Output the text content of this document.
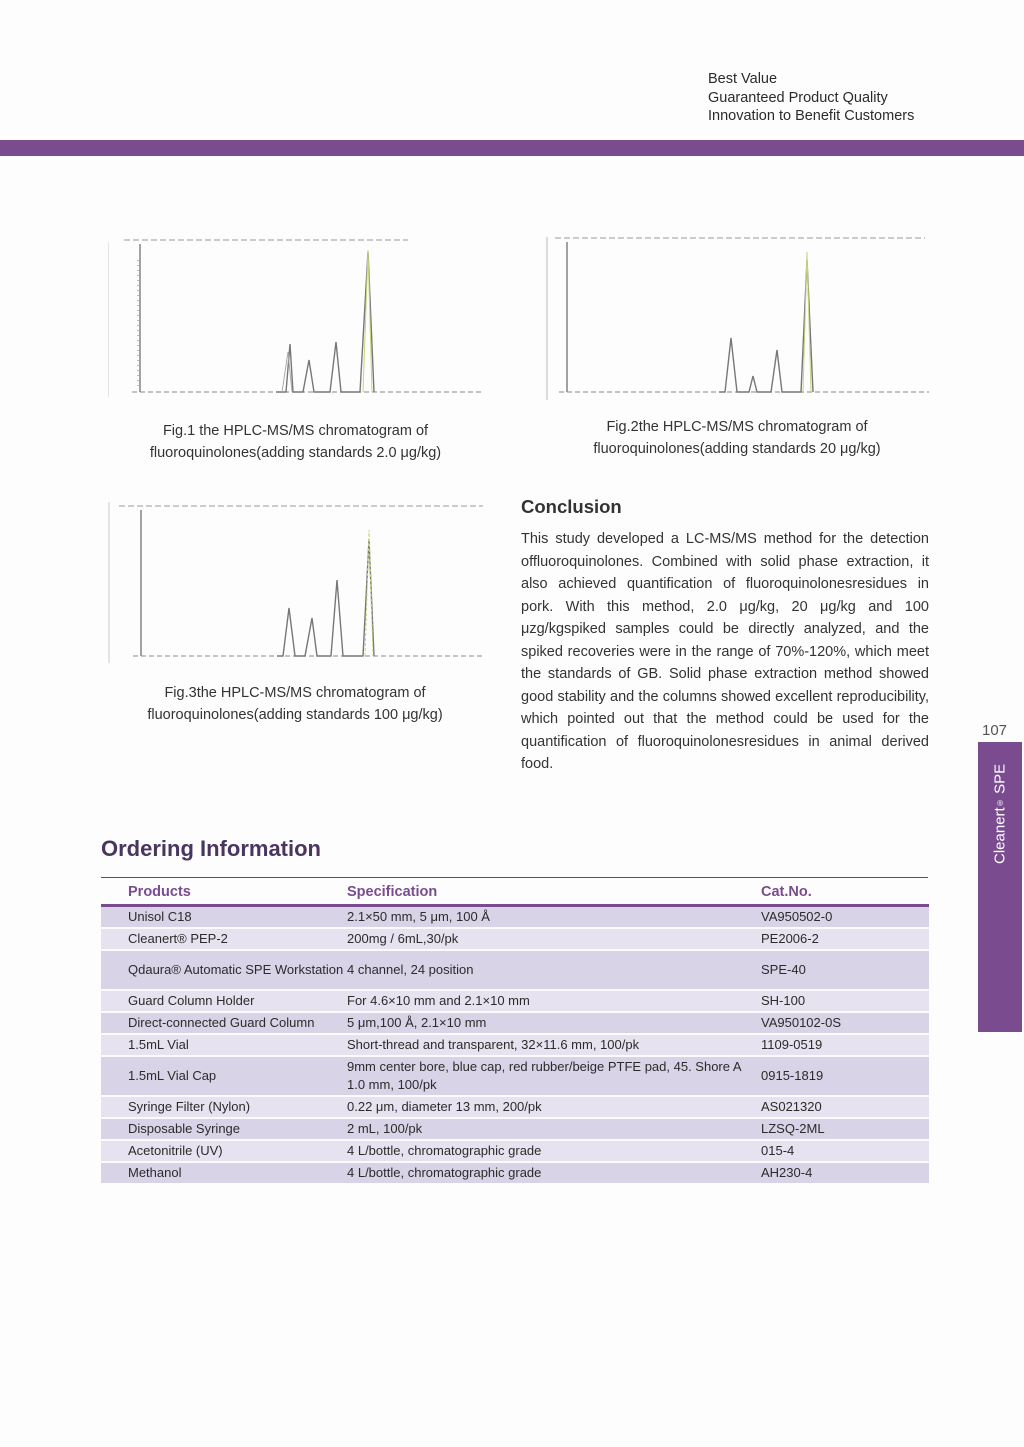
Best Value
Guaranteed Product Quality
Innovation to Benefit Customers
Fig.1 the HPLC-MS/MS chromatogram of
fluoroquinolones(adding standards 2.0 μg/kg)
Fig.2the HPLC-MS/MS chromatogram of
fluoroquinolones(adding standards 20 μg/kg)
Fig.3the HPLC-MS/MS chromatogram of
fluoroquinolones(adding standards 100 μg/kg)
Conclusion
This study developed a LC-MS/MS method for the detection offluoroquinolones. Combined with solid phase extraction, it also achieved quantification of fluoroquinolonesresidues in pork. With this method, 2.0 μg/kg, 20 μg/kg and 100 μzg/kgspiked samples could be directly analyzed, and the spiked recoveries were in the range of 70%-120%, which meet the standards of GB. Solid phase extraction method showed good stability and the columns showed excellent reproducibility, which pointed out that the method could be used for the quantification of fluoroquinolonesresidues in animal derived food.
107
Cleanert
®
SPE
Ordering Information
Products	Specification	Cat.No.
Unisol C18	2.1×50 mm, 5 μm, 100 Å	VA950502-0
Cleanert® PEP-2	200mg / 6mL,30/pk	PE2006-2
Qdaura® Automatic SPE Workstation	4 channel, 24 position	SPE-40
Guard Column Holder	For 4.6×10 mm and 2.1×10 mm	SH-100
Direct-connected Guard Column	5 μm,100 Å, 2.1×10 mm	VA950102-0S
1.5mL Vial	Short-thread and transparent, 32×11.6 mm, 100/pk	1109-0519
1.5mL Vial Cap	9mm center bore, blue cap, red rubber/beige PTFE pad, 45. Shore A 1.0 mm, 100/pk	0915-1819
Syringe Filter (Nylon)	0.22 μm, diameter 13 mm, 200/pk	AS021320
Disposable Syringe	2 mL, 100/pk	LZSQ-2ML
Acetonitrile (UV)	4 L/bottle, chromatographic grade	015-4
Methanol	4 L/bottle, chromatographic grade	AH230-4
